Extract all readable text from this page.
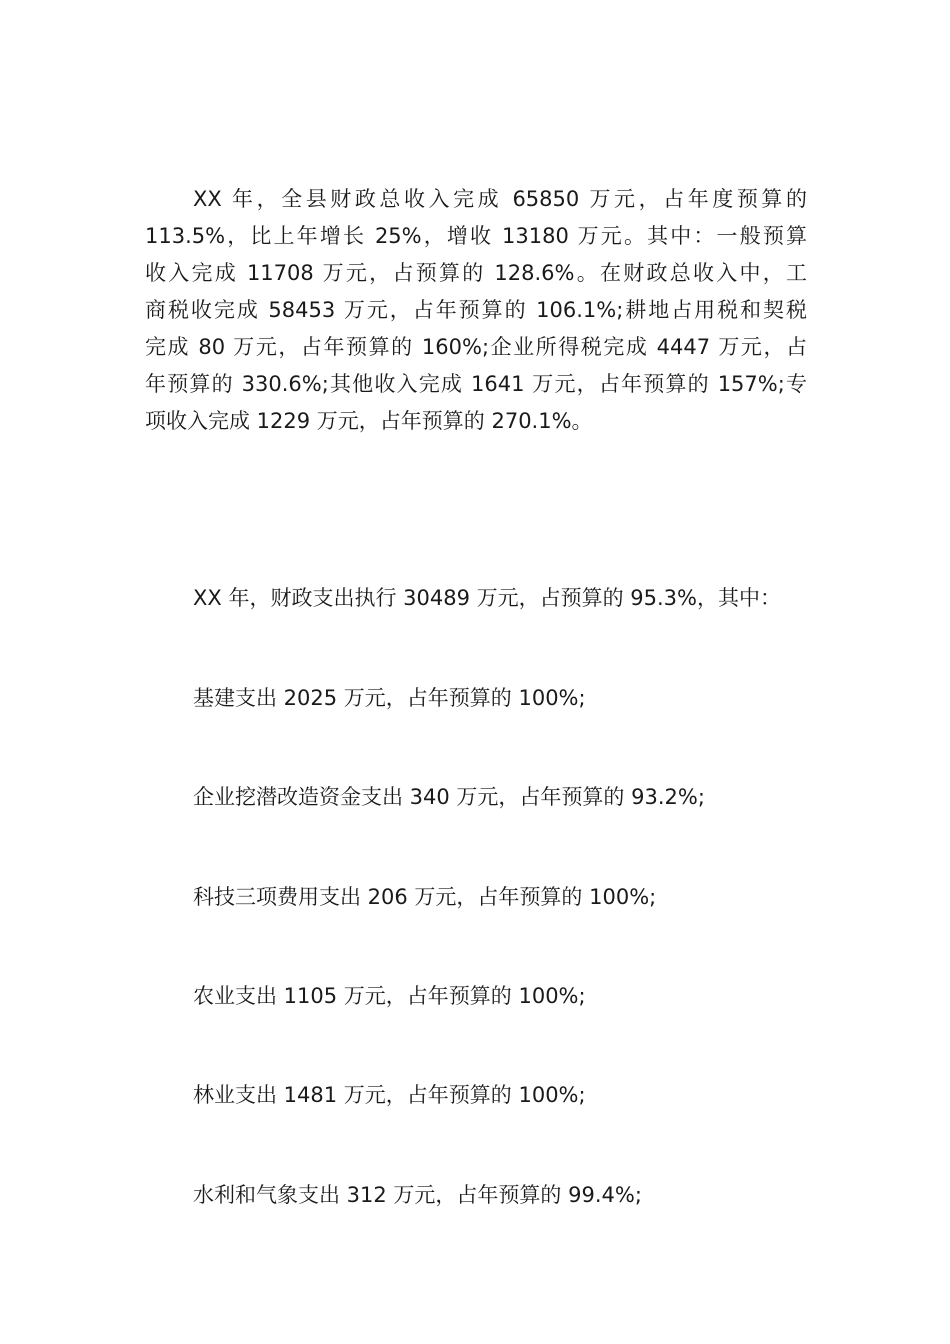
XX 年，全县财政总收入完成 65850 万元，占年度预算的
113.5%，比上年增长 25%，增收 13180 万元。其中：一般预算
收入完成 11708 万元，占预算的 128.6%。在财政总收入中，工
商税收完成 58453 万元，占年预算的 106.1%;耕地占用税和契税
完成 80 万元，占年预算的 160%;企业所得税完成 4447 万元，占
年预算的 330.6%;其他收入完成 1641 万元，占年预算的 157%;专
项收入完成 1229 万元，占年预算的 270.1%。
XX 年，财政支出执行 30489 万元，占预算的 95.3%，其中：
基建支出 2025 万元，占年预算的 100%;
企业挖潜改造资金支出 340 万元，占年预算的 93.2%;
科技三项费用支出 206 万元，占年预算的 100%;
农业支出 1105 万元，占年预算的 100%;
林业支出 1481 万元，占年预算的 100%;
水利和气象支出 312 万元，占年预算的 99.4%;
